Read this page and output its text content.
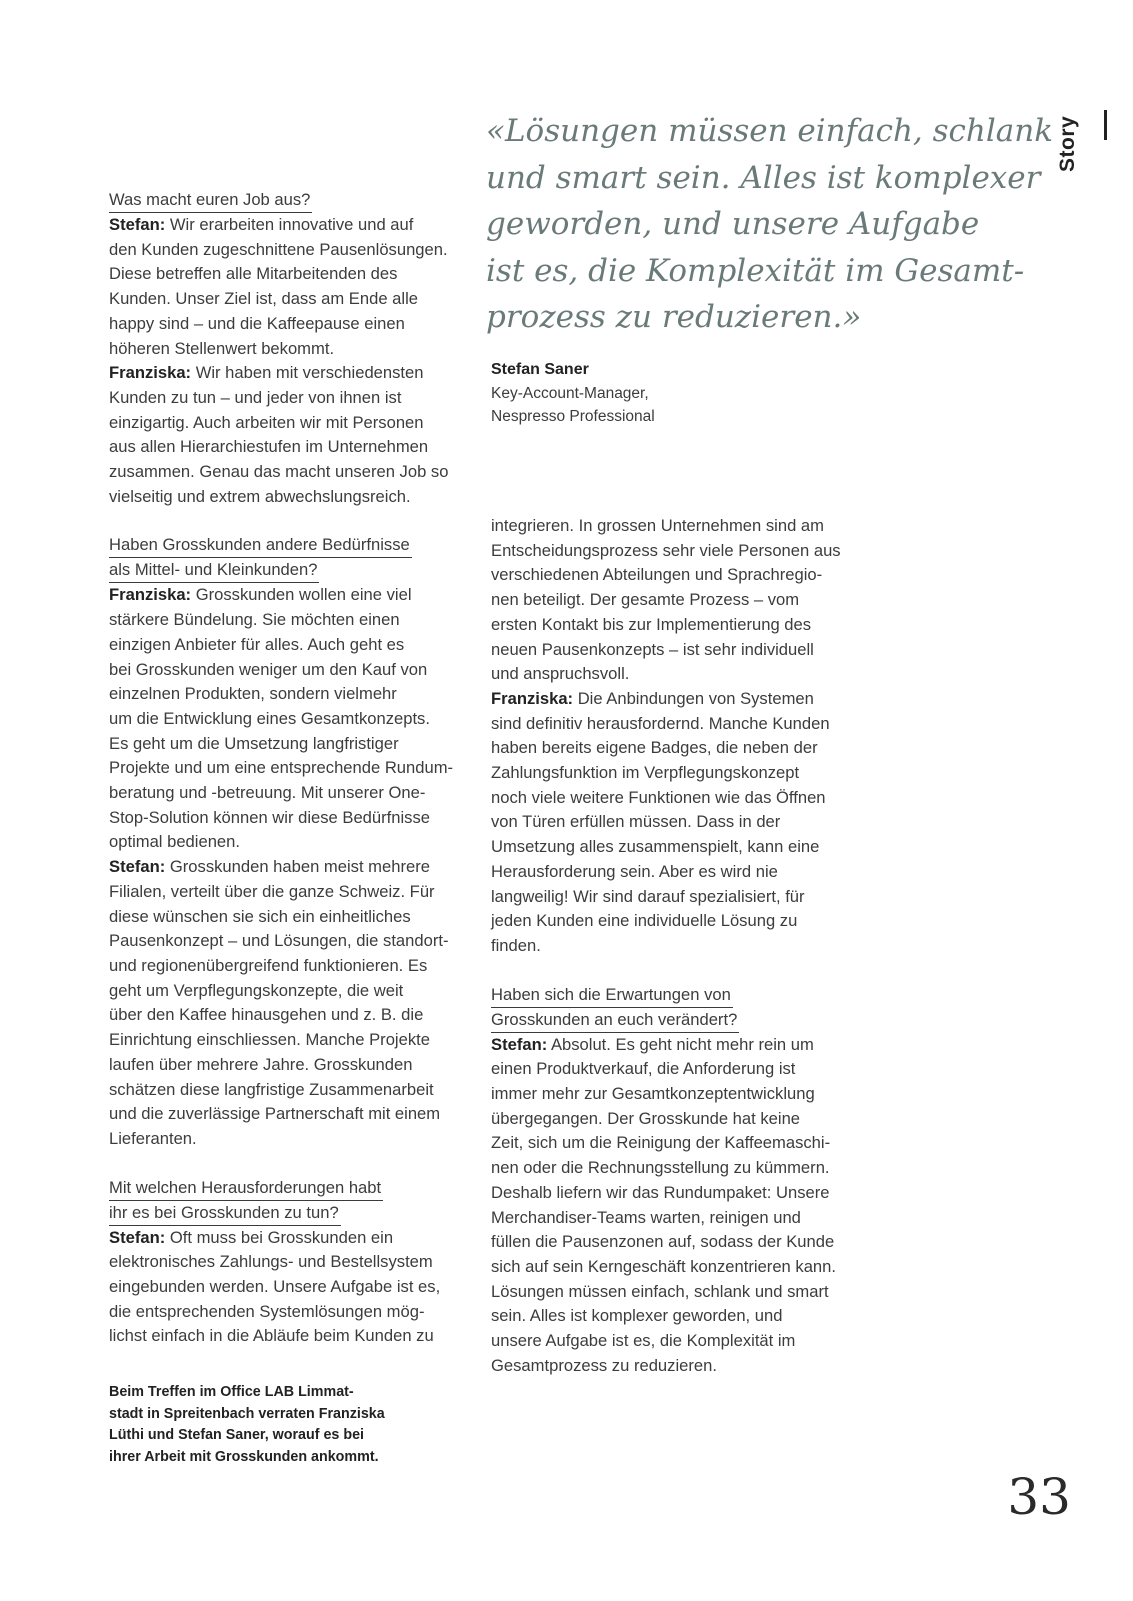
Story
«Lösungen müssen einfach, schlank
und smart sein. Alles ist komplexer
geworden, und unsere Aufgabe
ist es, die Komplexität im Gesamt-
prozess zu reduzieren.»
Stefan Saner
Key-Account-Manager,
Nespresso Professional
Was macht euren Job aus?

Stefan: Wir erarbeiten innovative und auf
den Kunden zugeschnittene Pausenlösungen.
Diese betreffen alle Mitarbeitenden des
Kunden. Unser Ziel ist, dass am Ende alle
happy sind – und die Kaffeepause einen
höheren Stellenwert bekommt.

Franziska: Wir haben mit verschiedensten
Kunden zu tun – und jeder von ihnen ist
einzigartig. Auch arbeiten wir mit Personen
aus allen Hierarchiestufen im Unternehmen
zusammen. Genau das macht unseren Job so
vielseitig und extrem abwechslungsreich.

Haben Grosskunden andere Bedürfnisse
als Mittel- und Kleinkunden?

Franziska: Grosskunden wollen eine viel
stärkere Bündelung. Sie möchten einen
einzigen Anbieter für alles. Auch geht es
bei Grosskunden weniger um den Kauf von
einzelnen Produkten, sondern vielmehr
um die Entwicklung eines Gesamtkonzepts.
Es geht um die Umsetzung langfristiger
Projekte und um eine entsprechende Rundum-
beratung und -betreuung. Mit unserer One-
Stop-Solution können wir diese Bedürfnisse
optimal bedienen.

Stefan: Grosskunden haben meist mehrere
Filialen, verteilt über die ganze Schweiz. Für
diese wünschen sie sich ein einheitliches
Pausenkonzept – und Lösungen, die standort-
und regionenübergreifend funktionieren. Es
geht um Verpflegungskonzepte, die weit
über den Kaffee hinausgehen und z. B. die
Einrichtung einschliessen. Manche Projekte
laufen über mehrere Jahre. Grosskunden
schätzen diese langfristige Zusammenarbeit
und die zuverlässige Partnerschaft mit einem
Lieferanten.

Mit welchen Herausforderungen habt
ihr es bei Grosskunden zu tun?

Stefan: Oft muss bei Grosskunden ein
elektronisches Zahlungs- und Bestellsystem
eingebunden werden. Unsere Aufgabe ist es,
die entsprechenden Systemlösungen mög-
lichst einfach in die Abläufe beim Kunden zu

integrieren. In grossen Unternehmen sind am
Entscheidungsprozess sehr viele Personen aus
verschiedenen Abteilungen und Sprachregio-
nen beteiligt. Der gesamte Prozess – vom
ersten Kontakt bis zur Implementierung des
neuen Pausenkonzepts – ist sehr individuell
und anspruchsvoll.

Franziska: Die Anbindungen von Systemen
sind definitiv herausfordernd. Manche Kunden
haben bereits eigene Badges, die neben der
Zahlungsfunktion im Verpflegungskonzept
noch viele weitere Funktionen wie das Öffnen
von Türen erfüllen müssen. Dass in der
Umsetzung alles zusammenspielt, kann eine
Herausforderung sein. Aber es wird nie
langweilig! Wir sind darauf spezialisiert, für
jeden Kunden eine individuelle Lösung zu
finden.

Haben sich die Erwartungen von
Grosskunden an euch verändert?

Stefan: Absolut. Es geht nicht mehr rein um
einen Produktverkauf, die Anforderung ist
immer mehr zur Gesamtkonzeptentwicklung
übergegangen. Der Grosskunde hat keine
Zeit, sich um die Reinigung der Kaffeemaschi-
nen oder die Rechnungsstellung zu kümmern.
Deshalb liefern wir das Rundumpaket: Unsere
Merchandiser-Teams warten, reinigen und
füllen die Pausenzonen auf, sodass der Kunde
sich auf sein Kerngeschäft konzentrieren kann.
Lösungen müssen einfach, schlank und smart
sein. Alles ist komplexer geworden, und
unsere Aufgabe ist es, die Komplexität im
Gesamtprozess zu reduzieren.

Beim Treffen im Office LAB Limmat-
stadt in Spreitenbach verraten Franziska
Lüthi und Stefan Saner, worauf es bei
ihrer Arbeit mit Grosskunden ankommt.
33
